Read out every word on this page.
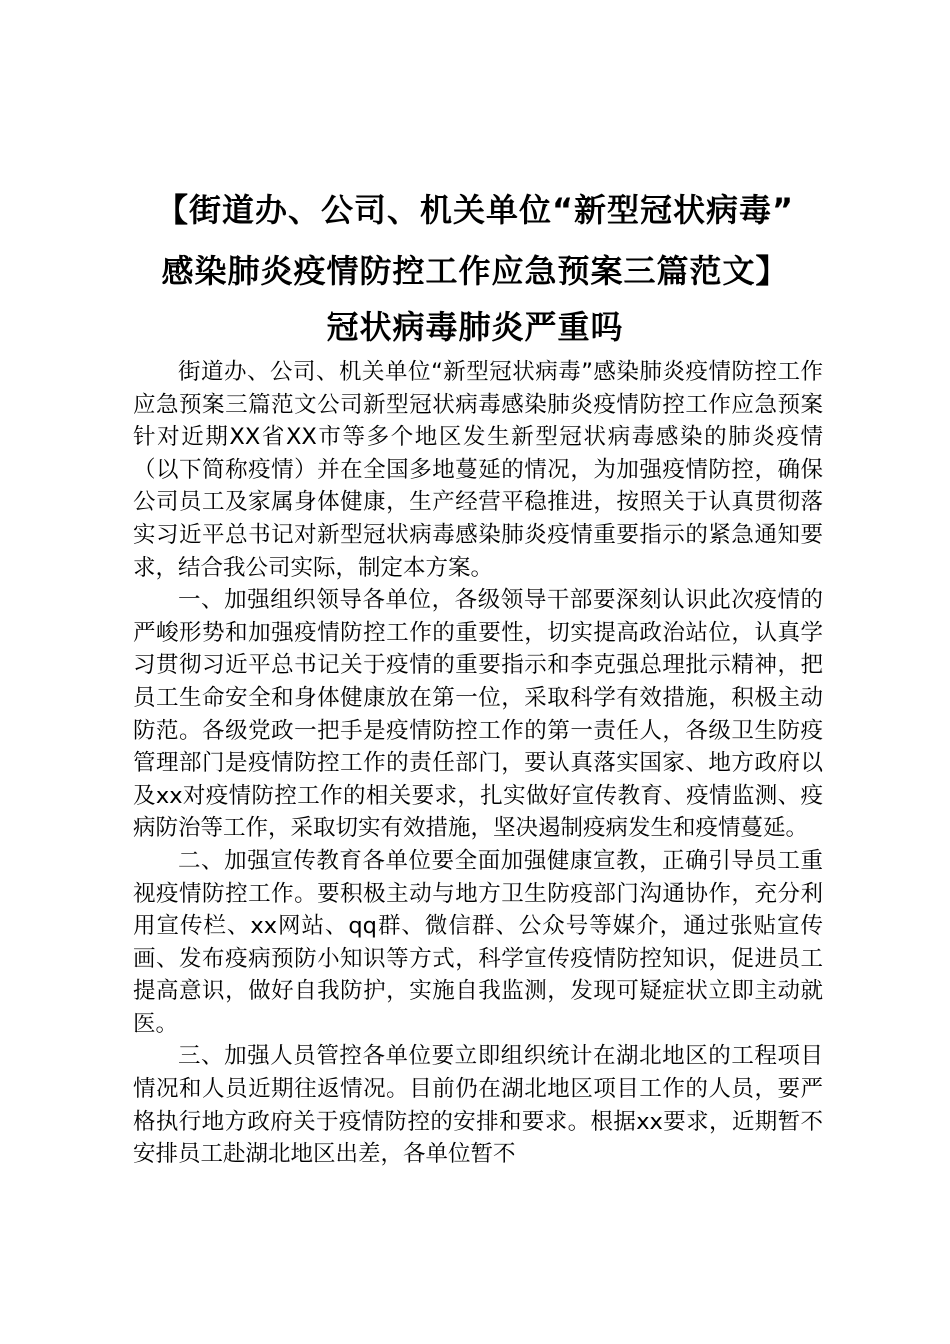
【街道办、公司、机关单位“新型冠状病毒”
感染肺炎疫情防控工作应急预案三篇范文】
冠状病毒肺炎严重吗

街道办、公司、机关单位“新型冠状病毒”感染肺炎疫情防控工作应急预案三篇范文公司新型冠状病毒感染肺炎疫情防控工作应急预案针对近期XX省XX市等多个地区发生新型冠状病毒感染的肺炎疫情（以下简称疫情）并在全国多地蔓延的情况，为加强疫情防控，确保公司员工及家属身体健康，生产经营平稳推进，按照关于认真贯彻落实习近平总书记对新型冠状病毒感染肺炎疫情重要指示的紧急通知要求，结合我公司实际，制定本方案。

一、加强组织领导各单位，各级领导干部要深刻认识此次疫情的严峻形势和加强疫情防控工作的重要性，切实提高政治站位，认真学习贯彻习近平总书记关于疫情的重要指示和李克强总理批示精神，把员工生命安全和身体健康放在第一位，采取科学有效措施，积极主动防范。各级党政一把手是疫情防控工作的第一责任人，各级卫生防疫管理部门是疫情防控工作的责任部门，要认真落实国家、地方政府以及xx对疫情防控工作的相关要求，扎实做好宣传教育、疫情监测、疫病防治等工作，采取切实有效措施，坚决遏制疫病发生和疫情蔓延。

二、加强宣传教育各单位要全面加强健康宣教，正确引导员工重视疫情防控工作。要积极主动与地方卫生防疫部门沟通协作，充分利用宣传栏、xx网站、qq群、微信群、公众号等媒介，通过张贴宣传画、发布疫病预防小知识等方式，科学宣传疫情防控知识，促进员工提高意识，做好自我防护，实施自我监测，发现可疑症状立即主动就医。

三、加强人员管控各单位要立即组织统计在湖北地区的工程项目情况和人员近期往返情况。目前仍在湖北地区项目工作的人员，要严格执行地方政府关于疫情防控的安排和要求。根据xx要求，近期暂不安排员工赴湖北地区出差，各单位暂不
